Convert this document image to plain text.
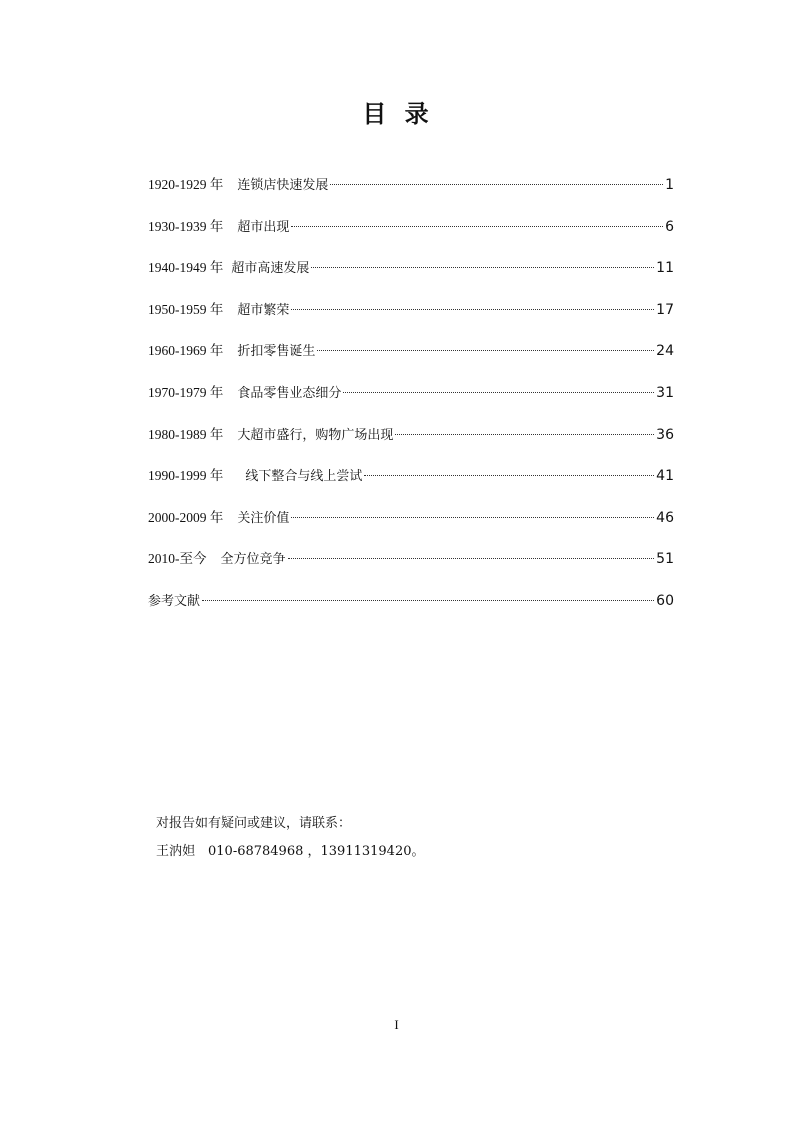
目 录
1920-1929 年 连锁店快速发展	1
1930-1939 年 超市出现	6
1940-1949 年 超市高速发展	11
1950-1959 年 超市繁荣	17
1960-1969 年 折扣零售诞生	24
1970-1979 年 食品零售业态细分	31
1980-1989 年 大超市盛行，购物广场出现	36
1990-1999 年 线下整合与线上尝试	41
2000-2009 年 关注价值	46
2010-至今 全方位竞争	51
参考文献	60
对报告如有疑问或建议，请联系：
王汭妲　010-68784968 ，13911319420。
I
